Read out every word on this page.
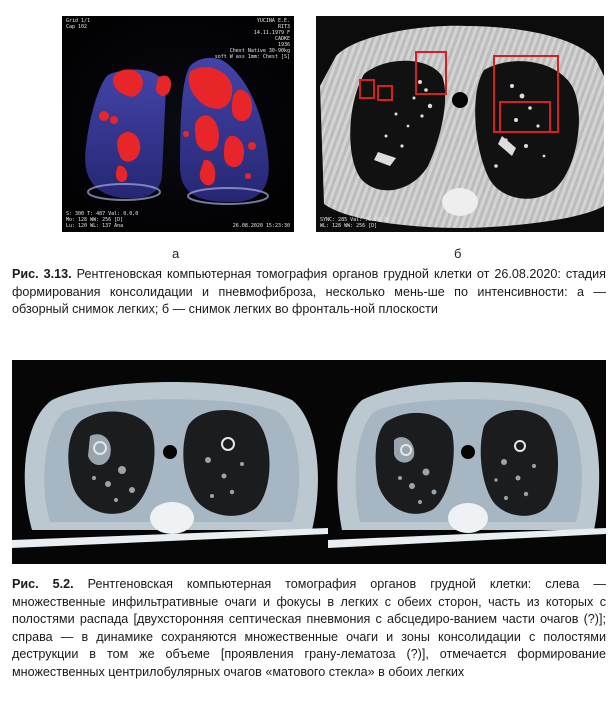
Grid 1/1
Cap 102
YUCINA E.E.
RIT3
14.11.1979 F
CADKE
1936
Chest Native 30-90kg
soft W ass 1mm: Chest [S]
S: 300 T: 487 Val: 0.0,0
Mo: 128 WW: 256 [D]
Lu: 120 WL: 137 Ana	26.08.2020 15:23:30
SYNC: 285 Val: 76.76,76
WL: 128 WW: 256 [D]
а	б
Рис. 3.13. Рентгеновская компьютерная томография органов грудной клетки от 26.08.2020: стадия формирования консолидации и пневмофиброза, несколько мень-ше по интенсивности: а — обзорный снимок легких; б — снимок легких во фронталь-ной плоскости
Рис. 5.2. Рентгеновская компьютерная томография органов грудной клетки: слева — множественные инфильтративные очаги и фокусы в легких с обеих сторон, часть из которых с полостями распада [двухсторонняя септическая пневмония с абсцедиро-ванием части очагов (?)]; справа — в динамике сохраняются множественные очаги и зоны консолидации с полостями деструкции в том же объеме [проявления грану-лематоза (?)], отмечается формирование множественных центрилобулярных очагов «матового стекла» в обоих легких
